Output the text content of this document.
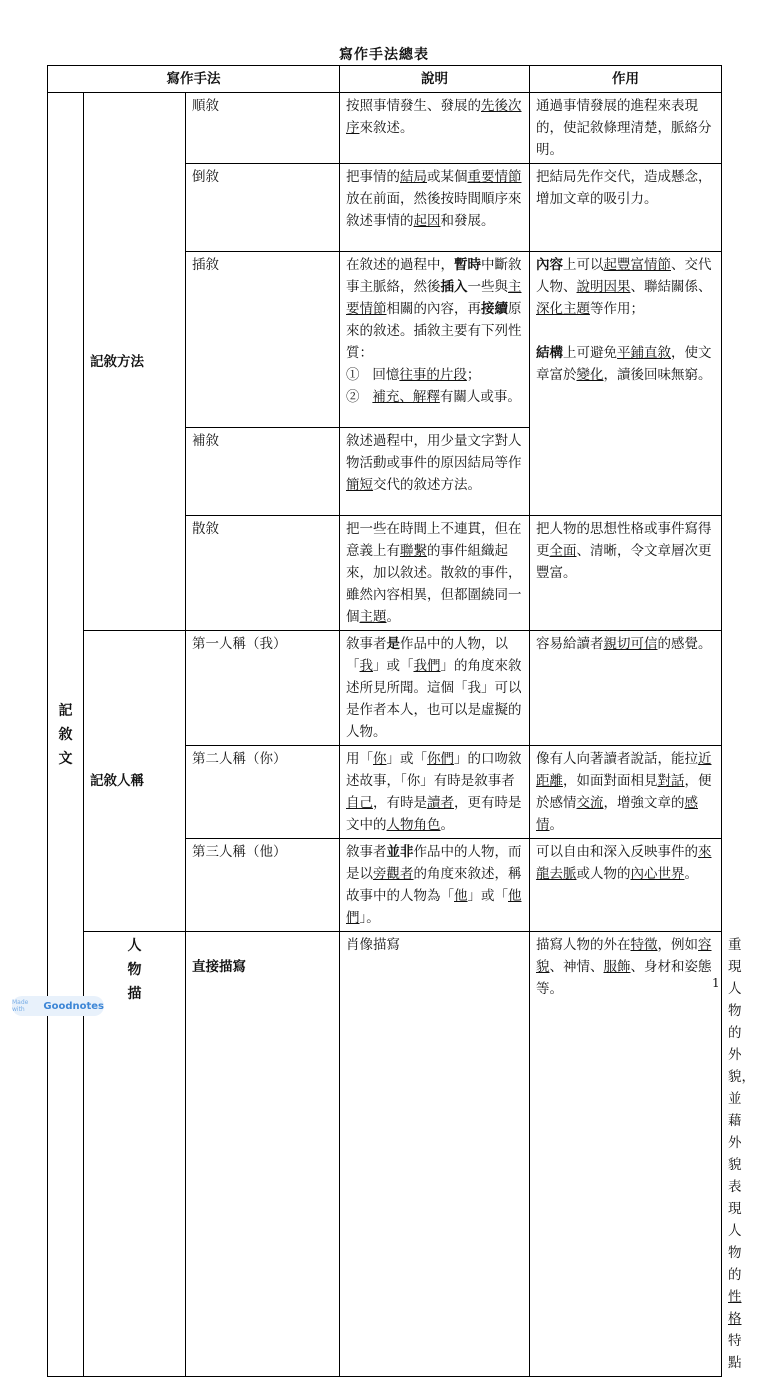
寫作手法總表
寫作手法			說明	作用	
記
敘
文	記敘方法	順敘	按照事情發生、發展的先後次序來敘述。	通過事情發展的進程來表現的，使記敘條理清楚，脈絡分明。	
		倒敘	把事情的結局或某個重要情節放在前面，然後按時間順序來敘述事情的起因和發展。	把結局先作交代，造成懸念，增加文章的吸引力。	
		插敘	在敘述的過程中，暫時中斷敘事主脈絡，然後插入一些與主要情節相關的內容，再接續原來的敘述。插敘主要有下列性質：
① 回憶往事的片段；
② 補充、解釋有關人或事。	內容上可以起豐富情節、交代人物、說明因果、聯結關係、深化主題等作用；

結構上可避免平鋪直敘，使文章富於變化，讀後回味無窮。	
		補敘	敘述過程中，用少量文字對人物活動或事件的原因結局等作簡短交代的敘述方法。		
		散敘	把一些在時間上不連貫，但在意義上有聯繫的事件組織起來，加以敘述。散敘的事件，雖然內容相異，但都圍繞同一個主題。	把人物的思想性格或事件寫得更全面、清晰，令文章層次更豐富。	
	記敘人稱	第一人稱（我）	敘事者是作品中的人物，以「我」或「我們」的角度來敘述所見所聞。這個「我」可以是作者本人，也可以是虛擬的人物。	容易給讀者親切可信的感覺。	
		第二人稱（你）	用「你」或「你們」的口吻敘述故事，「你」有時是敘事者自己，有時是讀者，更有時是文中的人物角色。	像有人向著讀者說話，能拉近距離，如面對面相見對話，便於感情交流，增強文章的感情。	
		第三人稱（他）	敘事者並非作品中的人物，而是以旁觀者的角度來敘述，稱故事中的人物為「他」或「他們」。	可以自由和深入反映事件的來龍去脈或人物的內心世界。	
	人
物
描	直接描寫	肖像描寫	描寫人物的外在特徵，例如容貌、神情、服飾、身材和姿態等。	重現人物的外貌，並藉外貌表現人物的性格特點
1
Made with	Goodnotes
